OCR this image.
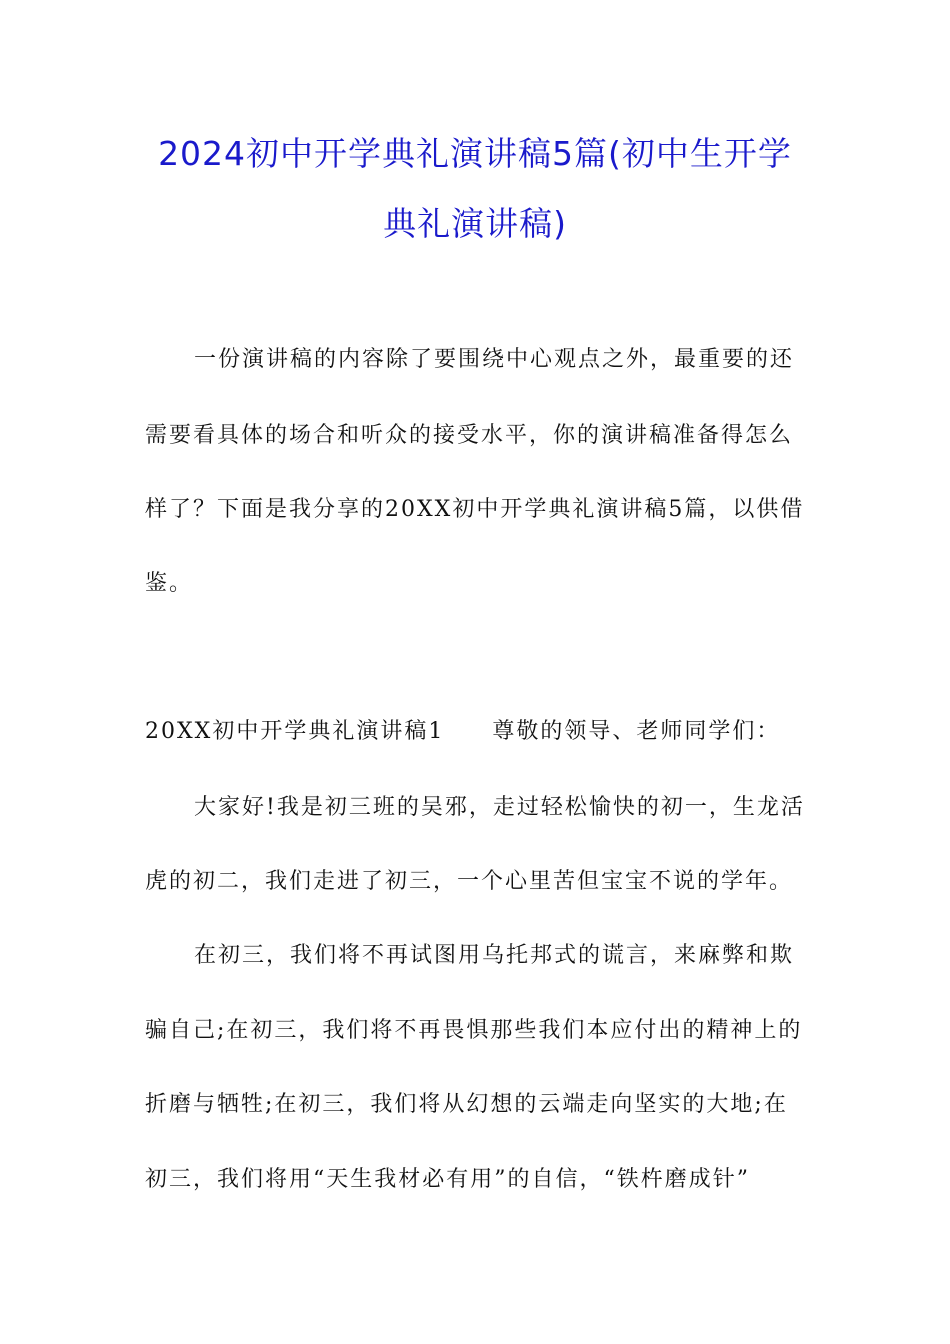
2024初中开学典礼演讲稿5篇(初中生开学
典礼演讲稿)
一份演讲稿的内容除了要围绕中心观点之外，最重要的还
需要看具体的场合和听众的接受水平，你的演讲稿准备得怎么
样了？下面是我分享的20XX初中开学典礼演讲稿5篇，以供借
鉴。
20XX初中开学典礼演讲稿1　　尊敬的领导、老师同学们：
大家好!我是初三班的吴邪，走过轻松愉快的初一，生龙活
虎的初二，我们走进了初三，一个心里苦但宝宝不说的学年。
在初三，我们将不再试图用乌托邦式的谎言，来麻弊和欺
骗自己;在初三，我们将不再畏惧那些我们本应付出的精神上的
折磨与牺牲;在初三，我们将从幻想的云端走向坚实的大地;在
初三，我们将用“天生我材必有用”的自信，“铁杵磨成针”
